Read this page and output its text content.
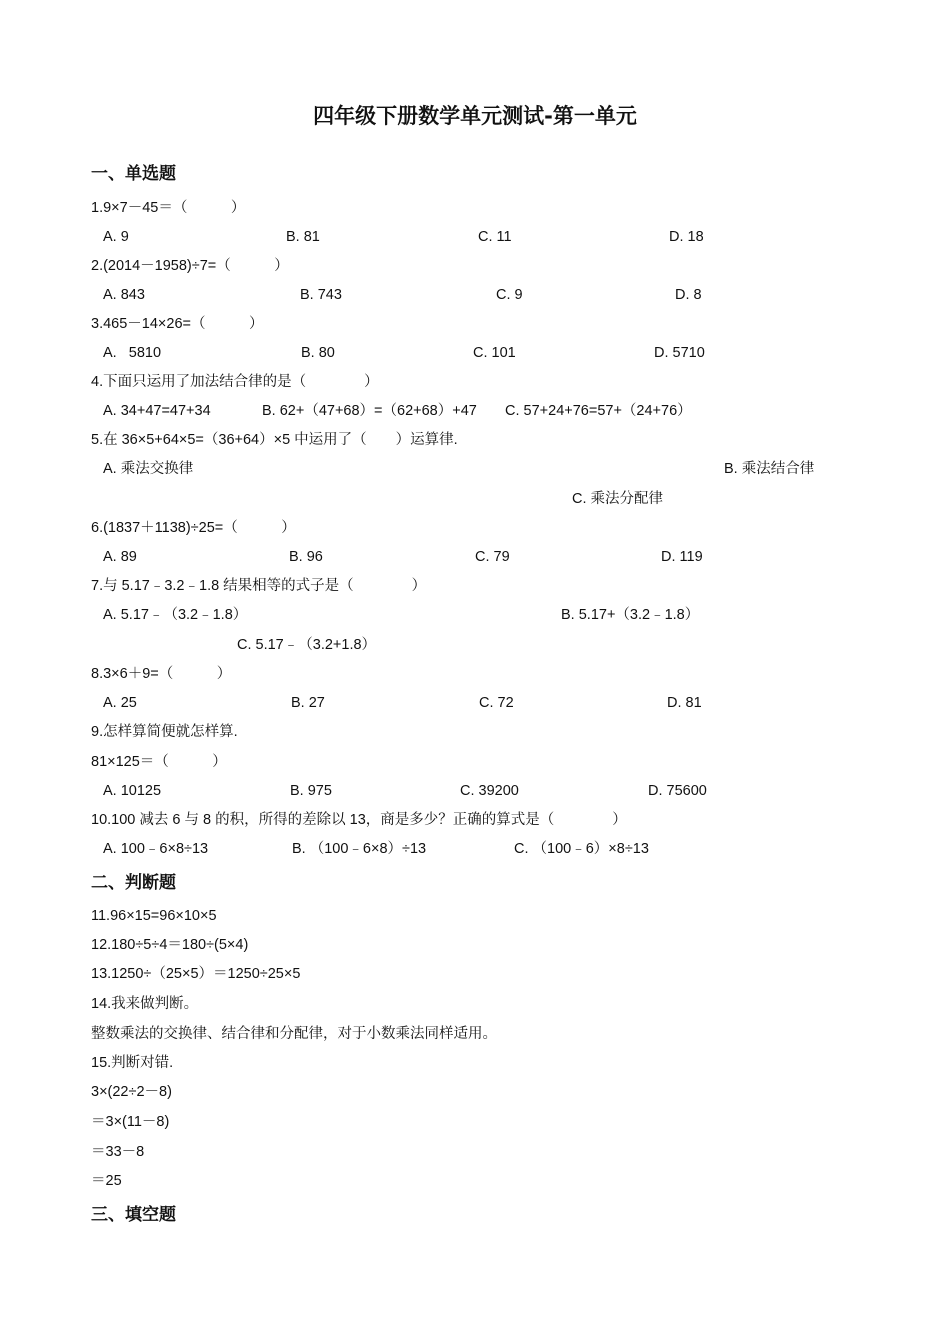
四年级下册数学单元测试-第一单元
一、单选题
1.9×7－45＝（　　　）
A. 9	B. 81	C. 11	D. 18
2.(2014－1958)÷7=（　　　）
A. 843	B. 743	C. 9	D. 8
3.465－14×26=（　　　）
A.   5810	B. 80	C. 101	D. 5710
4.下面只运用了加法结合律的是（　　　　）
A. 34+47=47+34	B. 62+（47+68）=（62+68）+47 C. 57+24+76=57+（24+76）
5.在 36×5+64×5=（36+64）×5 中运用了（　　）运算律.
A. 乘法交换律	B. 乘法结合律
C. 乘法分配律
6.(1837＋1138)÷25=（　　　）
A. 89	B. 96	C. 79	D. 119
7.与 5.17﹣3.2﹣1.8 结果相等的式子是（　　　　）
A. 5.17﹣（3.2﹣1.8）	B. 5.17+（3.2﹣1.8）
C. 5.17﹣（3.2+1.8）
8.3×6＋9=（　　　）
A. 25	B. 27	C. 72	D. 81
9.怎样算简便就怎样算.
81×125＝（　　　）
A. 10125	B. 975	C. 39200	D. 75600
10.100 减去 6 与 8 的积，所得的差除以 13，商是多少？正确的算式是（　　　　）
A. 100﹣6×8÷13	B. （100﹣6×8）÷13	C. （100﹣6）×8÷13
二、判断题
11.96×15=96×10×5
12.180÷5÷4＝180÷(5×4)
13.1250÷（25×5）＝1250÷25×5
14.我来做判断。
整数乘法的交换律、结合律和分配律，对于小数乘法同样适用。
15.判断对错.
3×(22÷2－8)
＝3×(11－8)
＝33－8
＝25
三、填空题
